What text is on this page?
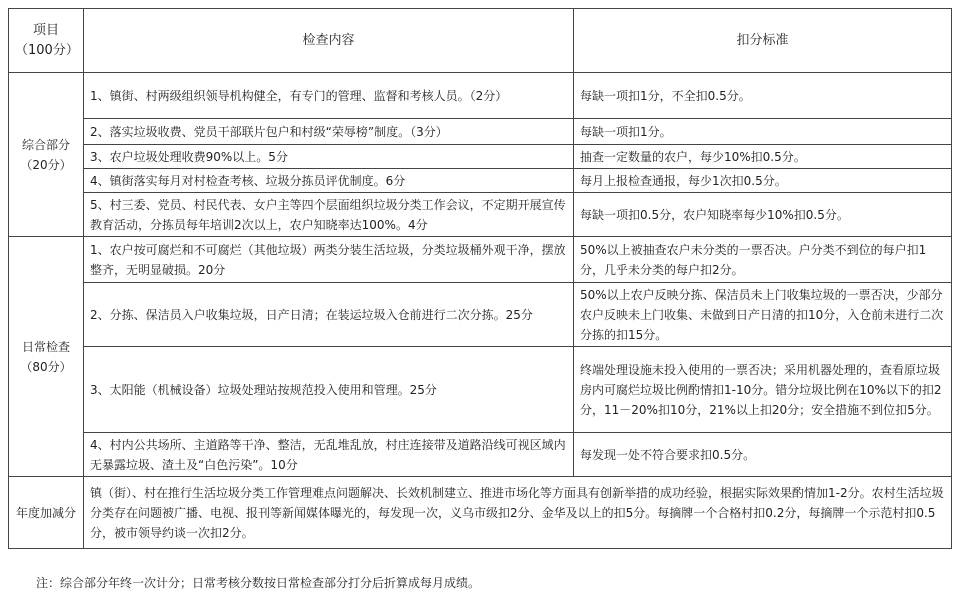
项目（100分）	检查内容	扣分标准
综合部分（20分）	1、镇街、村两级组织领导机构健全，有专门的管理、监督和考核人员。（2分）	每缺一项扣1分，不全扣0.5分。
	2、落实垃圾收费、党员干部联片包户和村级“荣辱榜”制度。（3分）	每缺一项扣1分。
	3、农户垃圾处理收费90%以上。5分	抽查一定数量的农户，每少10%扣0.5分。
	4、镇街落实每月对村检查考核、垃圾分拣员评优制度。6分	每月上报检查通报，每少1次扣0.5分。
	5、村三委、党员、村民代表、女户主等四个层面组织垃圾分类工作会议，不定期开展宣传教育活动，分拣员每年培训2次以上，农户知晓率达100%。4分	每缺一项扣0.5分，农户知晓率每少10%扣0.5分。
日常检查（80分）	1、农户按可腐烂和不可腐烂（其他垃圾）两类分装生活垃圾，分类垃圾桶外观干净，摆放整齐，无明显破损。20分	50%以上被抽查农户未分类的一票否决。户分类不到位的每户扣1分，几乎未分类的每户扣2分。
	2、分拣、保洁员入户收集垃圾，日产日清；在装运垃圾入仓前进行二次分拣。25分	50%以上农户反映分拣、保洁员未上门收集垃圾的一票否决，少部分农户反映未上门收集、未做到日产日清的扣10分，入仓前未进行二次分拣的扣15分。
	3、太阳能（机械设备）垃圾处理站按规范投入使用和管理。25分	终端处理设施未投入使用的一票否决；采用机器处理的，查看原垃圾房内可腐烂垃圾比例酌情扣1-10分。错分垃圾比例在10%以下的扣2分，11－20%扣10分，21%以上扣20分；安全措施不到位扣5分。
	4、村内公共场所、主道路等干净、整洁，无乱堆乱放，村庄连接带及道路沿线可视区域内无暴露垃圾、渣土及“白色污染”。10分	每发现一处不符合要求扣0.5分。
年度加减分	镇（街）、村在推行生活垃圾分类工作管理难点问题解决、长效机制建立、推进市场化等方面具有创新举措的成功经验，根据实际效果酌情加1-2分。农村生活垃圾分类存在问题被广播、电视、报刊等新闻媒体曝光的，每发现一次，义乌市级扣2分、金华及以上的扣5分。每摘牌一个合格村扣0.2分，每摘牌一个示范村扣0.5分，被市领导约谈一次扣2分。	
注：综合部分年终一次计分；日常考核分数按日常检查部分打分后折算成每月成绩。
